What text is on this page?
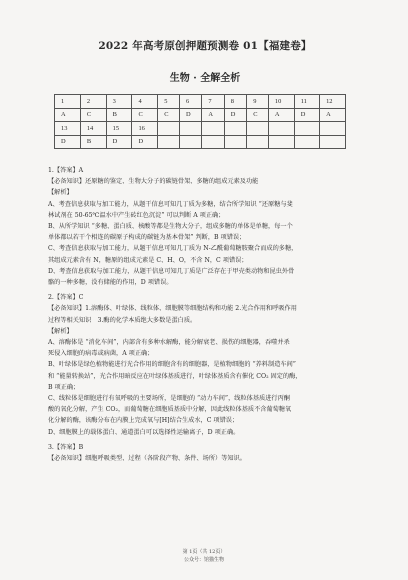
2022 年高考原创押题预测卷 01【福建卷】
生物 · 全解全析
1	2	3	4	5	6	7	8	9	10	11	12
A	C	B	C	C	D	A	D	C	A	D	A
13	14	15	16								
D	B	D	D								

1.【答案】A

【必备知识】还原糖的鉴定、生物大分子的碳链骨架、多糖的组成元素及功能

【解析】

A、考查信息获取与加工能力，从题干信息可知几丁质为多糖，结合所学知识 “还原糖与斐

林试剂在 50-65℃温水中产生砖红色沉淀” 可以判断 A 项正确；

B、从所学知识 “多糖、蛋白质、核酸等都是生物大分子，组成多糖的单体是单糖，每一个

单体都以若干个相连的碳原子构成的碳链为基本骨架” 判断，B 项错误；

C、考查信息获取与加工能力，从题干信息可知几丁质为 N-乙酰葡萄糖胺聚合而成的多糖，

其组成元素含有 N，糖原的组成元素是 C、H、O，不含 N，C 项错误；

D、考查信息获取与加工能力，从题干信息可知几丁质是广泛存在于甲壳类动物和昆虫外骨

骼的一种多糖，没有储能的作用，D 项错误。

2.【答案】C

【必备知识】1.溶酶体、叶绿体、线粒体、细胞膜等细胞结构和功能 2.光合作用和呼吸作用

过程等相关知识　3.酶的化学本质绝大多数是蛋白质。

【解析】

A、溶酶体是 “消化车间”，内部含有多种水解酶，能分解衰老、损伤的细胞器，吞噬并杀

死侵入细胞的病毒或病菌，A 项正确；

B、叶绿体是绿色植物能进行光合作用的细胞含有的细胞器，是植物细胞的 “养料制造车间”

和 “能量转换站”，光合作用暗反应在叶绿体基质进行，叶绿体基质含有催化 CO₂ 固定的酶，

B 项正确；

C、线粒体是细胞进行有氧呼吸的主要场所，是细胞的 “动力车间”，线粒体基质进行丙酮

酸的氧化分解，产生 CO₂，而葡萄糖在细胞质基质中分解，因此线粒体基质不含葡萄糖氧

化分解的酶，该酶分布在内膜上完成氧与[H]结合生成水，C 项错误；

D、细胞膜上的载体蛋白、通道蛋白可以选择性运输离子，D 项正确。

3.【答案】B

【必备知识】细胞呼吸类型、过程（各阶段产物、条件、场所）等知识。

第 1页（共 12页）
公众号：馆猫生物
